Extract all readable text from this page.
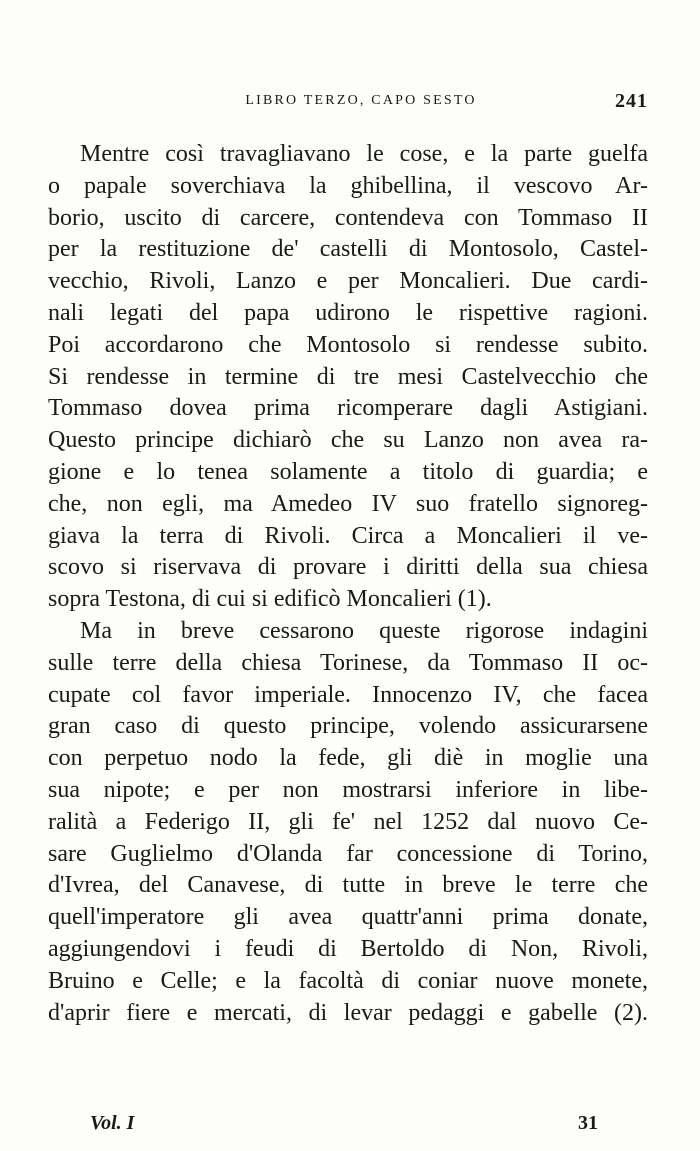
LIBRO TERZO, CAPO SESTO	241
Mentre così travagliavano le cose, e la parte guelfa
o papale soverchiava la ghibellina, il vescovo Ar-
borio, uscito di carcere, contendeva con Tommaso II
per la restituzione de' castelli di Montosolo, Castel-
vecchio, Rivoli, Lanzo e per Moncalieri. Due cardi-
nali legati del papa udirono le rispettive ragioni.
Poi accordarono che Montosolo si rendesse subito.
Si rendesse in termine di tre mesi Castelvecchio che
Tommaso dovea prima ricomperare dagli Astigiani.
Questo principe dichiarò che su Lanzo non avea ra-
gione e lo tenea solamente a titolo di guardia; e
che, non egli, ma Amedeo IV suo fratello signoreg-
giava la terra di Rivoli. Circa a Moncalieri il ve-
scovo si riservava di provare i diritti della sua chiesa
sopra Testona, di cui si edificò Moncalieri (1).
Ma in breve cessarono queste rigorose indagini
sulle terre della chiesa Torinese, da Tommaso II oc-
cupate col favor imperiale. Innocenzo IV, che facea
gran caso di questo principe, volendo assicurarsene
con perpetuo nodo la fede, gli diè in moglie una
sua nipote; e per non mostrarsi inferiore in libe-
ralità a Federigo II, gli fe' nel 1252 dal nuovo Ce-
sare Guglielmo d'Olanda far concessione di Torino,
d'Ivrea, del Canavese, di tutte in breve le terre che
quell'imperatore gli avea quattr'anni prima donate,
aggiungendovi i feudi di Bertoldo di Non, Rivoli,
Bruino e Celle; e la facoltà di coniar nuove monete,
d'aprir fiere e mercati, di levar pedaggi e gabelle (2).
Vol. I	31
